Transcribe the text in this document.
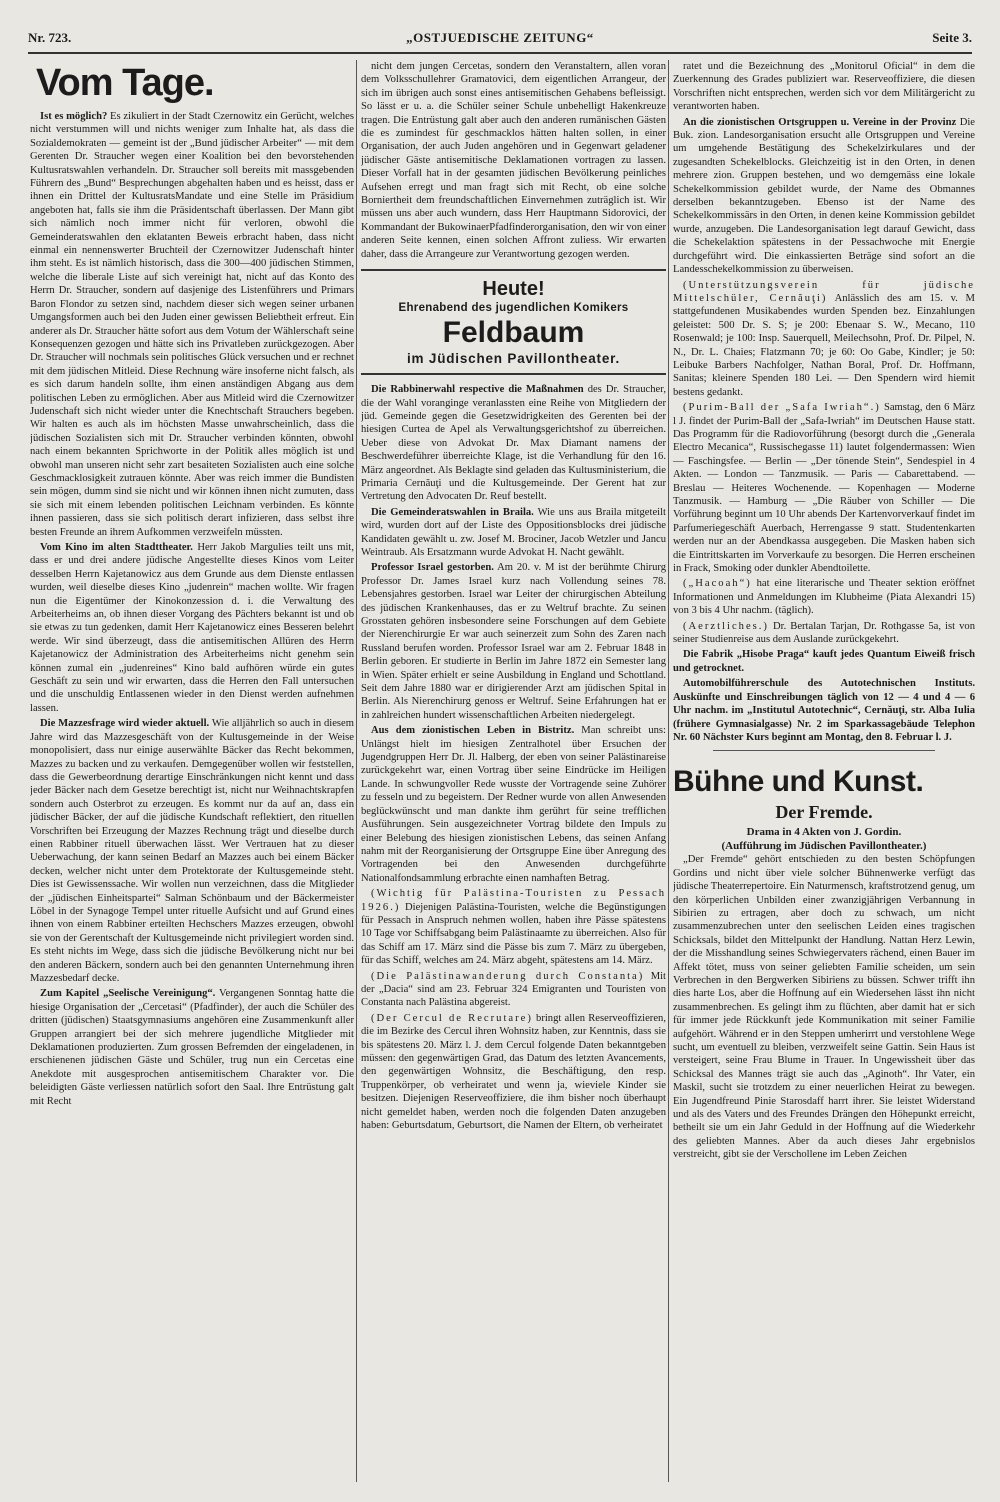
Nr. 723.	„OSTJUEDISCHE ZEITUNG“	Seite 3.
Vom Tage.

Ist es möglich? Es zikuliert in der Stadt Czernowitz ein Gerücht, welches nicht verstummen will und nichts weniger zum Inhalte hat, als dass die Sozialdemokraten — gemeint ist der „Bund jüdischer Arbeiter“ — mit dem Gerenten Dr. Straucher wegen einer Koalition bei den bevorstehenden Kultusratswahlen verhandeln. Dr. Straucher soll bereits mit massgebenden Führern des „Bund“ Besprechungen abgehalten haben und es heisst, dass er ihnen ein Drittel der KultusratsMandate und eine Stelle im Präsidium angeboten hat, falls sie ihm die Präsidentschaft überlassen. Der Mann gibt sich nämlich noch immer nicht für verloren, obwohl die Gemeinderatswahlen den eklatanten Beweis erbracht haben, dass nicht einmal ein nennenswerter Bruchteil der Czernowitzer Judenschaft hinter ihm steht. Es ist nämlich historisch, dass die 300—400 jüdischen Stimmen, welche die liberale Liste auf sich vereinigt hat, nicht auf das Konto des Herrn Dr. Straucher, sondern auf dasjenige des Listenführers und Primars Baron Flondor zu setzen sind, nachdem dieser sich wegen seiner urbanen Umgangsformen auch bei den Juden einer gewissen Beliebtheit erfreut. Ein anderer als Dr. Straucher hätte sofort aus dem Votum der Wählerschaft seine Konsequenzen gezogen und hätte sich ins Privatleben zurückgezogen. Aber Dr. Straucher will nochmals sein politisches Glück versuchen und er rechnet mit dem jüdischen Mitleid. Diese Rechnung wäre insoferne nicht falsch, als es sich darum handeln sollte, ihm einen anständigen Abgang aus dem politischen Leben zu ermöglichen. Aber aus Mitleid wird die Czernowitzer Judenschaft sich nicht wieder unter die Knechtschaft Strauchers begeben. Wir halten es auch als im höchsten Masse unwahrscheinlich, dass die jüdischen Sozialisten sich mit Dr. Straucher verbinden könnten, obwohl nach einem bekannten Sprichworte in der Politik alles möglich ist und obwohl man unseren nicht sehr zart besaiteten Sozialisten auch eine solche Geschmacklosigkeit zutrauen könnte. Aber was reich immer die Bundisten sein mögen, dumm sind sie nicht und wir können ihnen nicht zumuten, dass sie sich mit einem lebenden politischen Leichnam verbinden. Es könnte ihnen passieren, dass sie sich politisch derart infizieren, dass selbst ihre besten Freunde an ihrem Aufkommen verzweifeln müssten.

Vom Kino im alten Stadttheater. Herr Jakob Margulies teilt uns mit, dass er und drei andere jüdische Angestellte dieses Kinos vom Leiter desselben Herrn Kajetanowicz aus dem Grunde aus dem Dienste entlassen wurden, weil dieselbe dieses Kino „judenrein“ machen wollte. Wir fragen nun die Eigentümer der Kinokonzession d. i. die Verwaltung des Arbeiterheims an, ob ihnen dieser Vorgang des Pächters bekannt ist und ob sie etwas zu tun gedenken, damit Herr Kajetanowicz eines Besseren belehrt werde. Wir sind überzeugt, dass die antisemitischen Allüren des Herrn Kajetanowicz der Administration des Arbeiterheims nicht genehm sein können zumal ein „judenreines“ Kino bald aufhören würde ein gutes Geschäft zu sein und wir erwarten, dass die Herren den Fall untersuchen und die unschuldig Entlassenen wieder in den Dienst werden aufnehmen lassen.

Die Mazzesfrage wird wieder aktuell. Wie alljährlich so auch in diesem Jahre wird das Mazzesgeschäft von der Kultusgemeinde in der Weise monopolisiert, dass nur einige auserwählte Bäcker das Recht bekommen, Mazzes zu backen und zu verkaufen. Demgegenüber wollen wir feststellen, dass die Gewerbeordnung derartige Einschränkungen nicht kennt und dass jeder Bäcker nach dem Gesetze berechtigt ist, nicht nur Weihnachtskrapfen sondern auch Osterbrot zu erzeugen. Es kommt nur da auf an, dass ein jüdischer Bäcker, der auf die jüdische Kundschaft reflektiert, den rituellen Vorschriften bei Erzeugung der Mazzes Rechnung trägt und dieselbe durch einen Rabbiner rituell überwachen lässt. Wer Vertrauen hat zu dieser Ueberwachung, der kann seinen Bedarf an Mazzes auch bei einem Bäcker decken, welcher nicht unter dem Protektorate der Kultusgemeinde steht. Dies ist Gewissenssache. Wir wollen nun verzeichnen, dass die Mitglieder der „jüdischen Einheitspartei“ Salman Schönbaum und der Bäckermeister Löbel in der Synagoge Tempel unter rituelle Aufsicht und auf Grund eines ihnen von einem Rabbiner erteilten Hechschers Mazzes erzeugen, obwohl sie von der Gerentschaft der Kultusgemeinde nicht privilegiert worden sind. Es steht nichts im Wege, dass sich die jüdische Bevölkerung nicht nur bei den anderen Bäckern, sondern auch bei den genannten Unternehmung ihren Mazzesbedarf decke.

Zum Kapitel „Seelische Vereinigung“. Vergangenen Sonntag hatte die hiesige Organisation der „Cercetasi“ (Pfadfinder), der auch die Schüler des dritten (jüdischen) Staatsgymnasiums angehören eine Zusammenkunft aller Gruppen arrangiert bei der sich mehrere jugendliche Mitglieder mit Deklamationen produzierten. Zum grossen Befremden der eingeladenen, in erschienenen jüdischen Gäste und Schüler, trug nun ein Cercetas eine Anekdote mit ausgesprochen antisemitischem Charakter vor. Die beleidigten Gäste verliessen natürlich sofort den Saal. Ihre Entrüstung galt mit Recht

nicht dem jungen Cercetas, sondern den Veranstaltern, allen voran dem Volksschullehrer Gramatovici, dem eigentlichen Arrangeur, der sich im übrigen auch sonst eines antisemitischen Gehabens befleissigt. So lässt er u. a. die Schüler seiner Schule unbehelligt Hakenkreuze tragen. Die Entrüstung galt aber auch den anderen rumänischen Gästen die es zumindest für geschmacklos hätten halten sollen, in einer Organisation, der auch Juden angehören und in Gegenwart geladener jüdischer Gäste antisemitische Deklamationen vortragen zu lassen. Dieser Vorfall hat in der gesamten jüdischen Bevölkerung peinliches Aufsehen erregt und man fragt sich mit Recht, ob eine solche Borniertheit dem freundschaftlichen Einvernehmen zuträglich ist. Wir müssen uns aber auch wundern, dass Herr Hauptmann Sidorovici, der Kommandant der BukowinaerPfadfinderorganisation, den wir von einer anderen Seite kennen, einen solchen Affront zuliess. Wir erwarten daher, dass die Arrangeure zur Verantwortung gezogen werden.

Heute!
Ehrenabend des jugendlichen Komikers
Feldbaum
im Jüdischen Pavillontheater.

Die Rabbinerwahl respective die Maßnahmen des Dr. Straucher, die der Wahl voranginge veranlassten eine Reihe von Mitgliedern der jüd. Gemeinde gegen die Gesetzwidrigkeiten des Gerenten bei der hiesigen Curtea de Apel als Verwaltungsgerichtshof zu überreichen. Ueber diese von Advokat Dr. Max Diamant namens der Beschwerdeführer überreichte Klage, ist die Verhandlung für den 16. März angeordnet. Als Beklagte sind geladen das Kultusministerium, die Primaria Cernăuţi und die Kultusgemeinde. Der Gerent hat zur Vertretung den Advocaten Dr. Reuf bestellt.

Die Gemeinderatswahlen in Braila. Wie uns aus Braila mitgeteilt wird, wurden dort auf der Liste des Oppositionsblocks drei jüdische Kandidaten gewählt u. zw. Josef M. Brociner, Jacob Wetzler und Jancu Weintraub. Als Ersatzmann wurde Advokat H. Nacht gewählt.

Professor Israel gestorben. Am 20. v. M ist der berühmte Chirurg Professor Dr. James Israel kurz nach Vollendung seines 78. Lebensjahres gestorben. Israel war Leiter der chirurgischen Abteilung des jüdischen Krankenhauses, das er zu Weltruf brachte. Zu seinen Grosstaten gehören insbesondere seine Forschungen auf dem Gebiete der Nierenchirurgie Er war auch seinerzeit zum Sohn des Zaren nach Russland berufen worden. Professor Israel war am 2. Februar 1848 in Berlin geboren. Er studierte in Berlin im Jahre 1872 ein Semester lang in Wien. Später erhielt er seine Ausbildung in England und Schottland. Seit dem Jahre 1880 war er dirigierender Arzt am jüdischen Spital in Berlin. Als Nierenchirurg genoss er Weltruf. Seine Erfahrungen hat er in zahlreichen hundert wissenschaftlichen Arbeiten niedergelegt.

Aus dem zionistischen Leben in Bistritz. Man schreibt uns: Unlängst hielt im hiesigen Zentralhotel über Ersuchen der Jugendgruppen Herr Dr. Jl. Halberg, der eben von seiner Palästinareise zurückgekehrt war, einen Vortrag über seine Eindrücke im Heiligen Lande. In schwungvoller Rede wusste der Vortragende seine Zuhörer zu fesseln und zu begeistern. Der Redner wurde von allen Anwesenden beglückwünscht und man dankte ihm gerührt für seine trefflichen Ausführungen. Sein ausgezeichneter Vortrag bildete den Impuls zu einer Belebung des hiesigen zionistischen Lebens, das seinen Anfang nahm mit der Reorganisierung der Ortsgruppe Eine über Anregung des Vortragenden bei den Anwesenden durchgeführte Nationalfondsammlung erbrachte einen namhaften Betrag.

(Wichtig für Palästina-Touristen zu Pessach 1926.) Diejenigen Palästina-Touristen, welche die Begünstigungen für Pessach in Anspruch nehmen wollen, haben ihre Pässe spätestens 10 Tage vor Schiffsabgang beim Palästinaamte zu überreichen. Also für das Schiff am 17. März sind die Pässe bis zum 7. März zu übergeben, für das Schiff, welches am 24. März abgeht, spätestens am 14. März.

(Die Palästinawanderung durch Constanta) Mit der „Dacia“ sind am 23. Februar 324 Emigranten und Touristen von Constanta nach Palästina abgereist.

(Der Cercul de Recrutare) bringt allen Reserveoffizieren, die im Bezirke des Cercul ihren Wohnsitz haben, zur Kenntnis, dass sie bis spätestens 20. März l. J. dem Cercul folgende Daten bekanntgeben müssen: den gegenwärtigen Grad, das Datum des letzten Avancements, den gegenwärtigen Wohnsitz, die Beschäftigung, den resp. Truppenkörper, ob verheiratet und wenn ja, wieviele Kinder sie besitzen. Diejenigen Reserveoffiziere, die ihm bisher noch überhaupt nicht gemeldet haben, werden noch die folgenden Daten anzugeben haben: Geburtsdatum, Geburtsort, die Namen der Eltern, ob verheiratet

ratet und die Bezeichnung des „Monitorul Oficial“ in dem die Zuerkennung des Grades publiziert war. Reserveoffiziere, die diesen Vorschriften nicht entsprechen, werden sich vor dem Militärgericht zu verantworten haben.

An die zionistischen Ortsgruppen u. Vereine in der Provinz Die Buk. zion. Landesorganisation ersucht alle Ortsgruppen und Vereine um umgehende Bestätigung des Schekelzirkulares und der zugesandten Schekelblocks. Gleichzeitig ist in den Orten, in denen mehrere zion. Gruppen bestehen, und wo demgemäss eine lokale Schekelkommission gebildet wurde, der Name des Obmannes derselben bekanntzugeben. Ebenso ist der Name des Schekelkommissärs in den Orten, in denen keine Kommission gebildet wurde, anzugeben. Die Landesorganisation legt darauf Gewicht, dass die Schekelaktion spätestens in der Pessachwoche mit Energie durchgeführt wird. Die einkassierten Beträge sind sofort an die Landesschekelkommission zu überweisen.

(Unterstützungsverein für jüdische Mittelschüler, Cernăuţi) Anlässlich des am 15. v. M stattgefundenen Musikabendes wurden Spenden bez. Einzahlungen geleistet: 500 Dr. S. S; je 200: Ebenaar S. W., Mecano, 110 Rosenwald; je 100: Insp. Sauerquell, Meilechsohn, Prof. Dr. Pilpel, N. N., Dr. L. Chaies; Flatzmann 70; je 60: Oo Gabe, Kindler; je 50: Leibuke Barbers Nachfolger, Nathan Boral, Prof. Dr. Hoffmann, Sanitas; kleinere Spenden 180 Lei. — Den Spendern wird hiemit bestens gedankt.

(Purim-Ball der „Safa Iwriah“.) Samstag, den 6 März l J. findet der Purim-Ball der „Safa-Iwriah“ im Deutschen Hause statt. Das Programm für die Radiovorführung (besorgt durch die „Generala Electro Mecanica“, Russischegasse 11) lautet folgendermassen: Wien — Faschingsfee. — Berlin — „Der tönende Stein“, Sendespiel in 4 Akten. — London — Tanzmusik. — Paris — Cabarettabend. — Breslau — Heiteres Wochenende. — Kopenhagen — Moderne Tanzmusik. — Hamburg — „Die Räuber von Schiller — Die Vorführung beginnt um 10 Uhr abends Der Kartenvorverkauf findet im Parfumeriegeschäft Auerbach, Herrengasse 9 statt. Studentenkarten werden nur an der Abendkassa ausgegeben. Die Masken haben sich die Eintrittskarten im Vorverkaufe zu besorgen. Die Herren erscheinen in Frack, Smoking oder dunkler Abendtoilette.

(„Hacoah“) hat eine literarische und Theater sektion eröffnet Informationen und Anmeldungen im Klubheime (Piata Alexandri 15) von 3 bis 4 Uhr nachm. (täglich).

(Aerztliches.) Dr. Bertalan Tarjan, Dr. Rothgasse 5a, ist von seiner Studienreise aus dem Auslande zurückgekehrt.

Die Fabrik „Hisobe Praga“ kauft jedes Quantum Eiweiß frisch und getrocknet.

Automobilführerschule des Autotechnischen Instituts. Auskünfte und Einschreibungen täglich von 12 — 4 und 4 — 6 Uhr nachm. im „Institutul Autotechnic“, Cernăuţi, str. Alba Iulia (frühere Gymnasialgasse) Nr. 2 im Sparkassagebäude Telephon Nr. 60 Nächster Kurs beginnt am Montag, den 8. Februar l. J.

Bühne und Kunst.
Der Fremde.
Drama in 4 Akten von J. Gordin.
(Aufführung im Jüdischen Pavillontheater.)

„Der Fremde“ gehört entschieden zu den besten Schöpfungen Gordins und nicht über viele solcher Bühnenwerke verfügt das jüdische Theaterrepertoire. Ein Naturmensch, kraftstrotzend genug, um den körperlichen Unbilden einer zwanzigjährigen Verbannung in Sibirien zu ertragen, aber doch zu schwach, um nicht zusammenzubrechen unter den seelischen Leiden eines tragischen Schicksals, bildet den Mittelpunkt der Handlung. Nattan Herz Lewin, der die Misshandlung seines Schwiegervaters rächend, einen Bauer im Affekt tötet, muss von seiner geliebten Familie scheiden, um sein Verbrechen in den Bergwerken Sibiriens zu büssen. Schwer trifft ihn dies harte Los, aber die Hoffnung auf ein Wiedersehen lässt ihn nicht zusammenbrechen. Es gelingt ihm zu flüchten, aber damit hat er sich für immer jede Rückkunft jede Kommunikation mit seiner Familie aufgehört. Während er in den Steppen umherirrt und verstohlene Wege sucht, um eventuell zu bleiben, verzweifelt seine Gattin. Sein Haus ist versteigert, seine Frau Blume in Trauer. In Ungewissheit über das Schicksal des Mannes trägt sie auch das „Aginoth“. Ihr Vater, ein Maskil, sucht sie trotzdem zu einer neuerlichen Heirat zu bewegen. Ein Jugendfreund Pinie Starosdaff harrt ihrer. Sie leistet Widerstand und als des Vaters und des Freundes Drängen den Höhepunkt erreicht, betheilt sie um ein Jahr Geduld in der Hoffnung auf die Wiederkehr des geliebten Mannes. Aber da auch dieses Jahr ergebnislos verstreicht, gibt sie der Verschollene im Leben Zeichen
